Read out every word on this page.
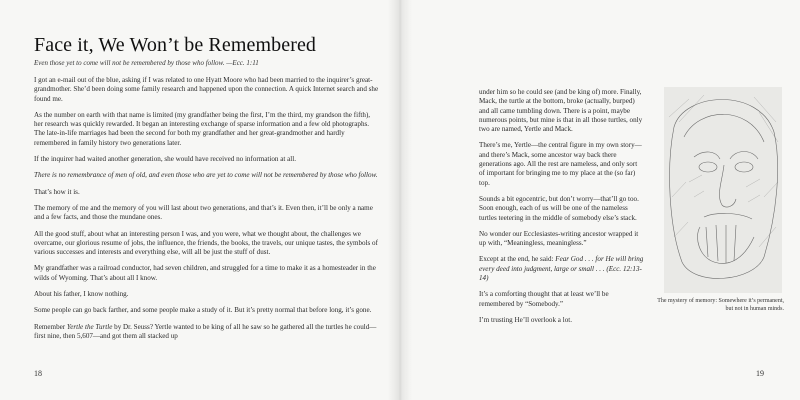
Face it, We Won’t be Remembered
Even those yet to come will not be remembered by those who follow. —Ecc. 1:11

I got an e-mail out of the blue, asking if I was related to one Hyatt Moore who had been married to the inquirer’s great-grandmother. She’d been doing some family research and happened upon the connection. A quick Internet search and she found me.

As the number on earth with that name is limited (my grandfather being the first, I’m the third, my grandson the fifth), her research was quickly rewarded. It began an interesting exchange of sparse information and a few old photographs. The late-in-life marriages had been the second for both my grandfather and her great-grandmother and hardly remembered in family history two generations later.

If the inquirer had waited another generation, she would have received no information at all.

There is no remembrance of men of old, and even those who are yet to come will not be remembered by those who follow.

That’s how it is.

The memory of me and the memory of you will last about two generations, and that’s it. Even then, it’ll be only a name and a few facts, and those the mundane ones.

All the good stuff, about what an interesting person I was, and you were, what we thought about, the challenges we overcame, our glorious resume of jobs, the influence, the friends, the books, the travels, our unique tastes, the symbols of various successes and interests and everything else, will all be just the stuff of dust.

My grandfather was a railroad conductor, had seven children, and struggled for a time to make it as a homesteader in the wilds of Wyoming. That’s about all I know.

About his father, I know nothing.

Some people can go back farther, and some people make a study of it. But it’s pretty normal that before long, it’s gone.

Remember Yertle the Turtle by Dr. Seuss? Yertle wanted to be king of all he saw so he gathered all the turtles he could—first nine, then 5,607—and got them all stacked up

18

under him so he could see (and be king of) more. Finally, Mack, the turtle at the bottom, broke (actually, burped) and all came tumbling down. There is a point, maybe numerous points, but mine is that in all those turtles, only two are named, Yertle and Mack.

There’s me, Yertle—the central figure in my own story—and there’s Mack, some ancestor way back there generations ago. All the rest are nameless, and only sort of important for bringing me to my place at the (so far) top.

Sounds a bit egocentric, but don’t worry—that’ll go too. Soon enough, each of us will be one of the nameless turtles teetering in the middle of somebody else’s stack.

No wonder our Ecclesiastes-writing ancestor wrapped it up with, “Meaningless, meaningless.”

Except at the end, he said: Fear God . . . for He will bring every deed into judgment, large or small . . . (Ecc. 12:13-14)

It’s a comforting thought that at least we’ll be remembered by “Somebody.”

I’m trusting He’ll overlook a lot.

The mystery of memory: Somewhere it’s permanent, but not in human minds.
19
